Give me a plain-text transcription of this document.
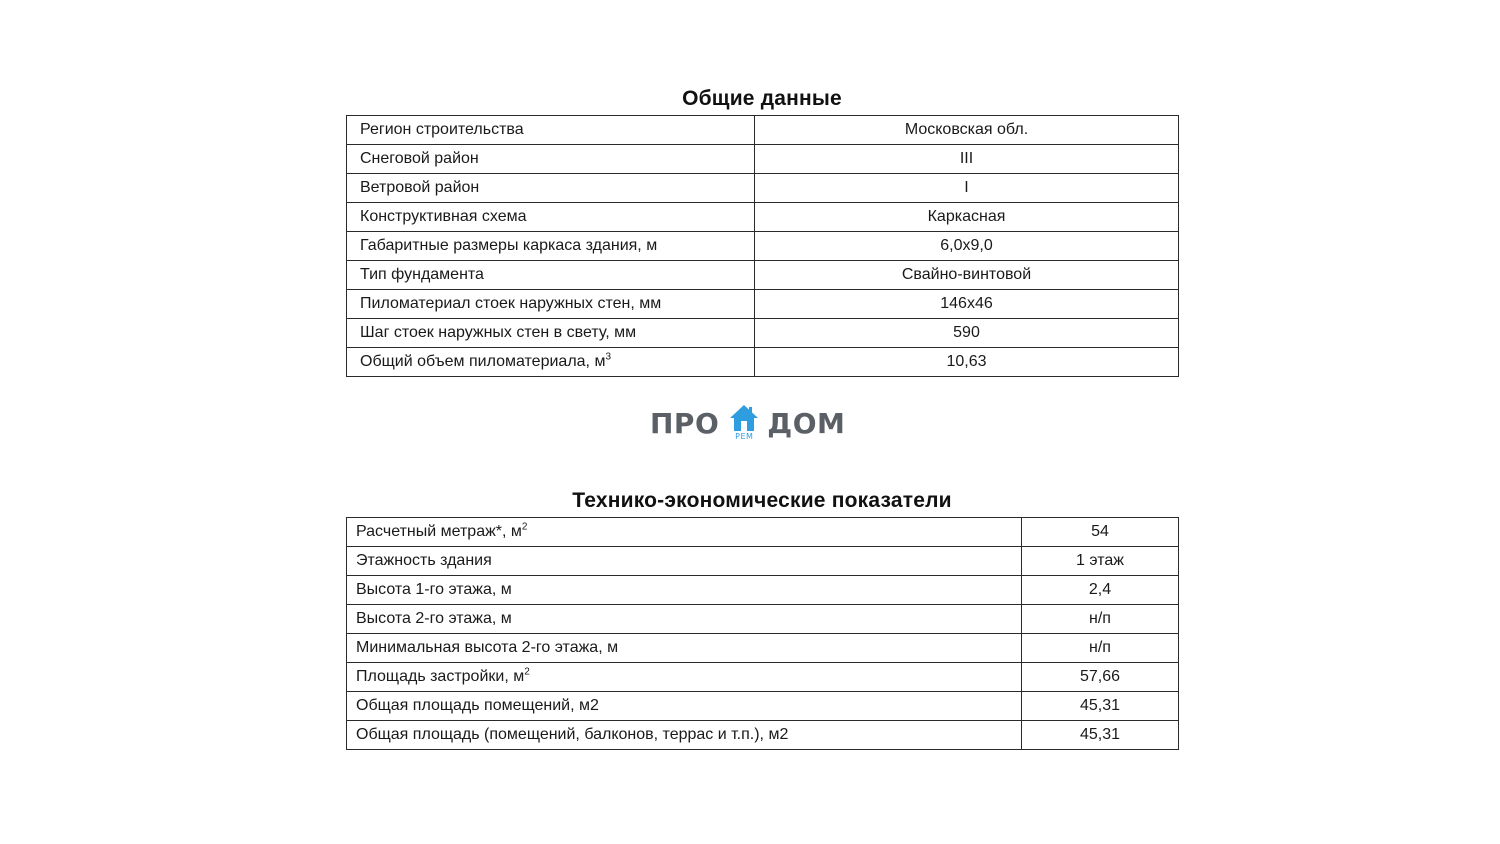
Общие данные
Регион строительства	Московская обл.
Снеговой район	III
Ветровой район	I
Конструктивная схема	Каркасная
Габаритные размеры каркаса здания, м	6,0х9,0
Тип фундамента	Свайно-винтовой
Пиломатериал стоек наружных стен, мм	146х46
Шаг стоек наружных стен в свету, мм	590
Общий объем пиломатериала, $м^3$	10,63
ПРО	РЕМ ДОМ
Технико-экономические показатели
Расчетный метраж*, $м^2$	54
Этажность здания	1 этаж
Высота 1-го этажа, м	2,4
Высота 2-го этажа, м	н/п
Минимальная высота 2-го этажа, м	н/п
Площадь застройки, $м^2$	57,66
Общая площадь помещений, м2	45,31
Общая площадь (помещений, балконов, террас и т.п.), м2	45,31
